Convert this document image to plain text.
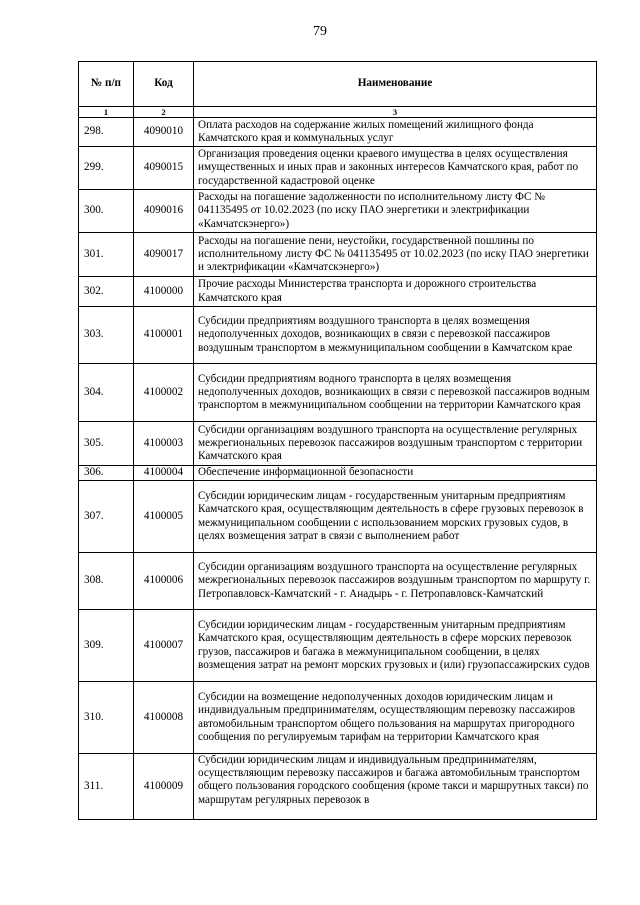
79
№ п/п	Код	Наименование
1	2	3
298.	4090010	Оплата расходов на содержание жилых помещений жилищного фонда Камчатского края и коммунальных услуг
299.	4090015	Организация проведения оценки краевого имущества в целях осуществления имущественных и иных прав и законных интересов Камчатского края, работ по государственной кадастровой оценке
300.	4090016	Расходы на погашение задолженности по исполнительному листу ФС № 041135495 от 10.02.2023 (по иску ПАО энергетики и электрификации «Камчатскэнерго»)
301.	4090017	Расходы на погашение пени, неустойки, государственной пошлины по исполнительному листу ФС № 041135495 от 10.02.2023 (по иску ПАО энергетики и электрификации «Камчатскэнерго»)
302.	4100000	Прочие расходы Министерства транспорта и дорожного строительства Камчатского края
303.	4100001	Субсидии предприятиям воздушного транспорта в целях возмещения недополученных доходов, возникающих в связи с перевозкой пассажиров воздушным транспортом в межмуниципальном сообщении в Камчатском крае
304.	4100002	Субсидии предприятиям водного транспорта в целях возмещения недополученных доходов, возникающих в связи с перевозкой пассажиров водным транспортом в межмуниципальном сообщении на территории Камчатского края
305.	4100003	Субсидии организациям воздушного транспорта на осуществление регулярных межрегиональных перевозок пассажиров воздушным транспортом с территории Камчатского края
306.	4100004	Обеспечение информационной безопасности
307.	4100005	Субсидии юридическим лицам - государственным унитарным предприятиям Камчатского края, осуществляющим деятельность в сфере грузовых перевозок в межмуниципальном сообщении с использованием морских грузовых судов, в целях возмещения затрат в связи с выполнением работ
308.	4100006	Субсидии организациям воздушного транспорта на осуществление регулярных межрегиональных перевозок пассажиров воздушным транспортом по маршруту г. Петропавловск-Камчатский - г. Анадырь - г. Петропавловск-Камчатский
309.	4100007	Субсидии юридическим лицам - государственным унитарным предприятиям Камчатского края, осуществляющим деятельность в сфере морских перевозок грузов, пассажиров и багажа в межмуниципальном сообщении, в целях возмещения затрат на ремонт морских грузовых и (или) грузопассажирских судов
310.	4100008	Субсидии на возмещение недополученных доходов юридическим лицам и индивидуальным предпринимателям, осуществляющим перевозку пассажиров автомобильным транспортом общего пользования на маршрутах пригородного сообщения по регулируемым тарифам на территории Камчатского края
311.	4100009	Субсидии юридическим лицам и индивидуальным предпринимателям, осуществляющим перевозку пассажиров и багажа автомобильным транспортом общего пользования городского сообщения (кроме такси и маршрутных такси) по маршрутам регулярных перевозок в
